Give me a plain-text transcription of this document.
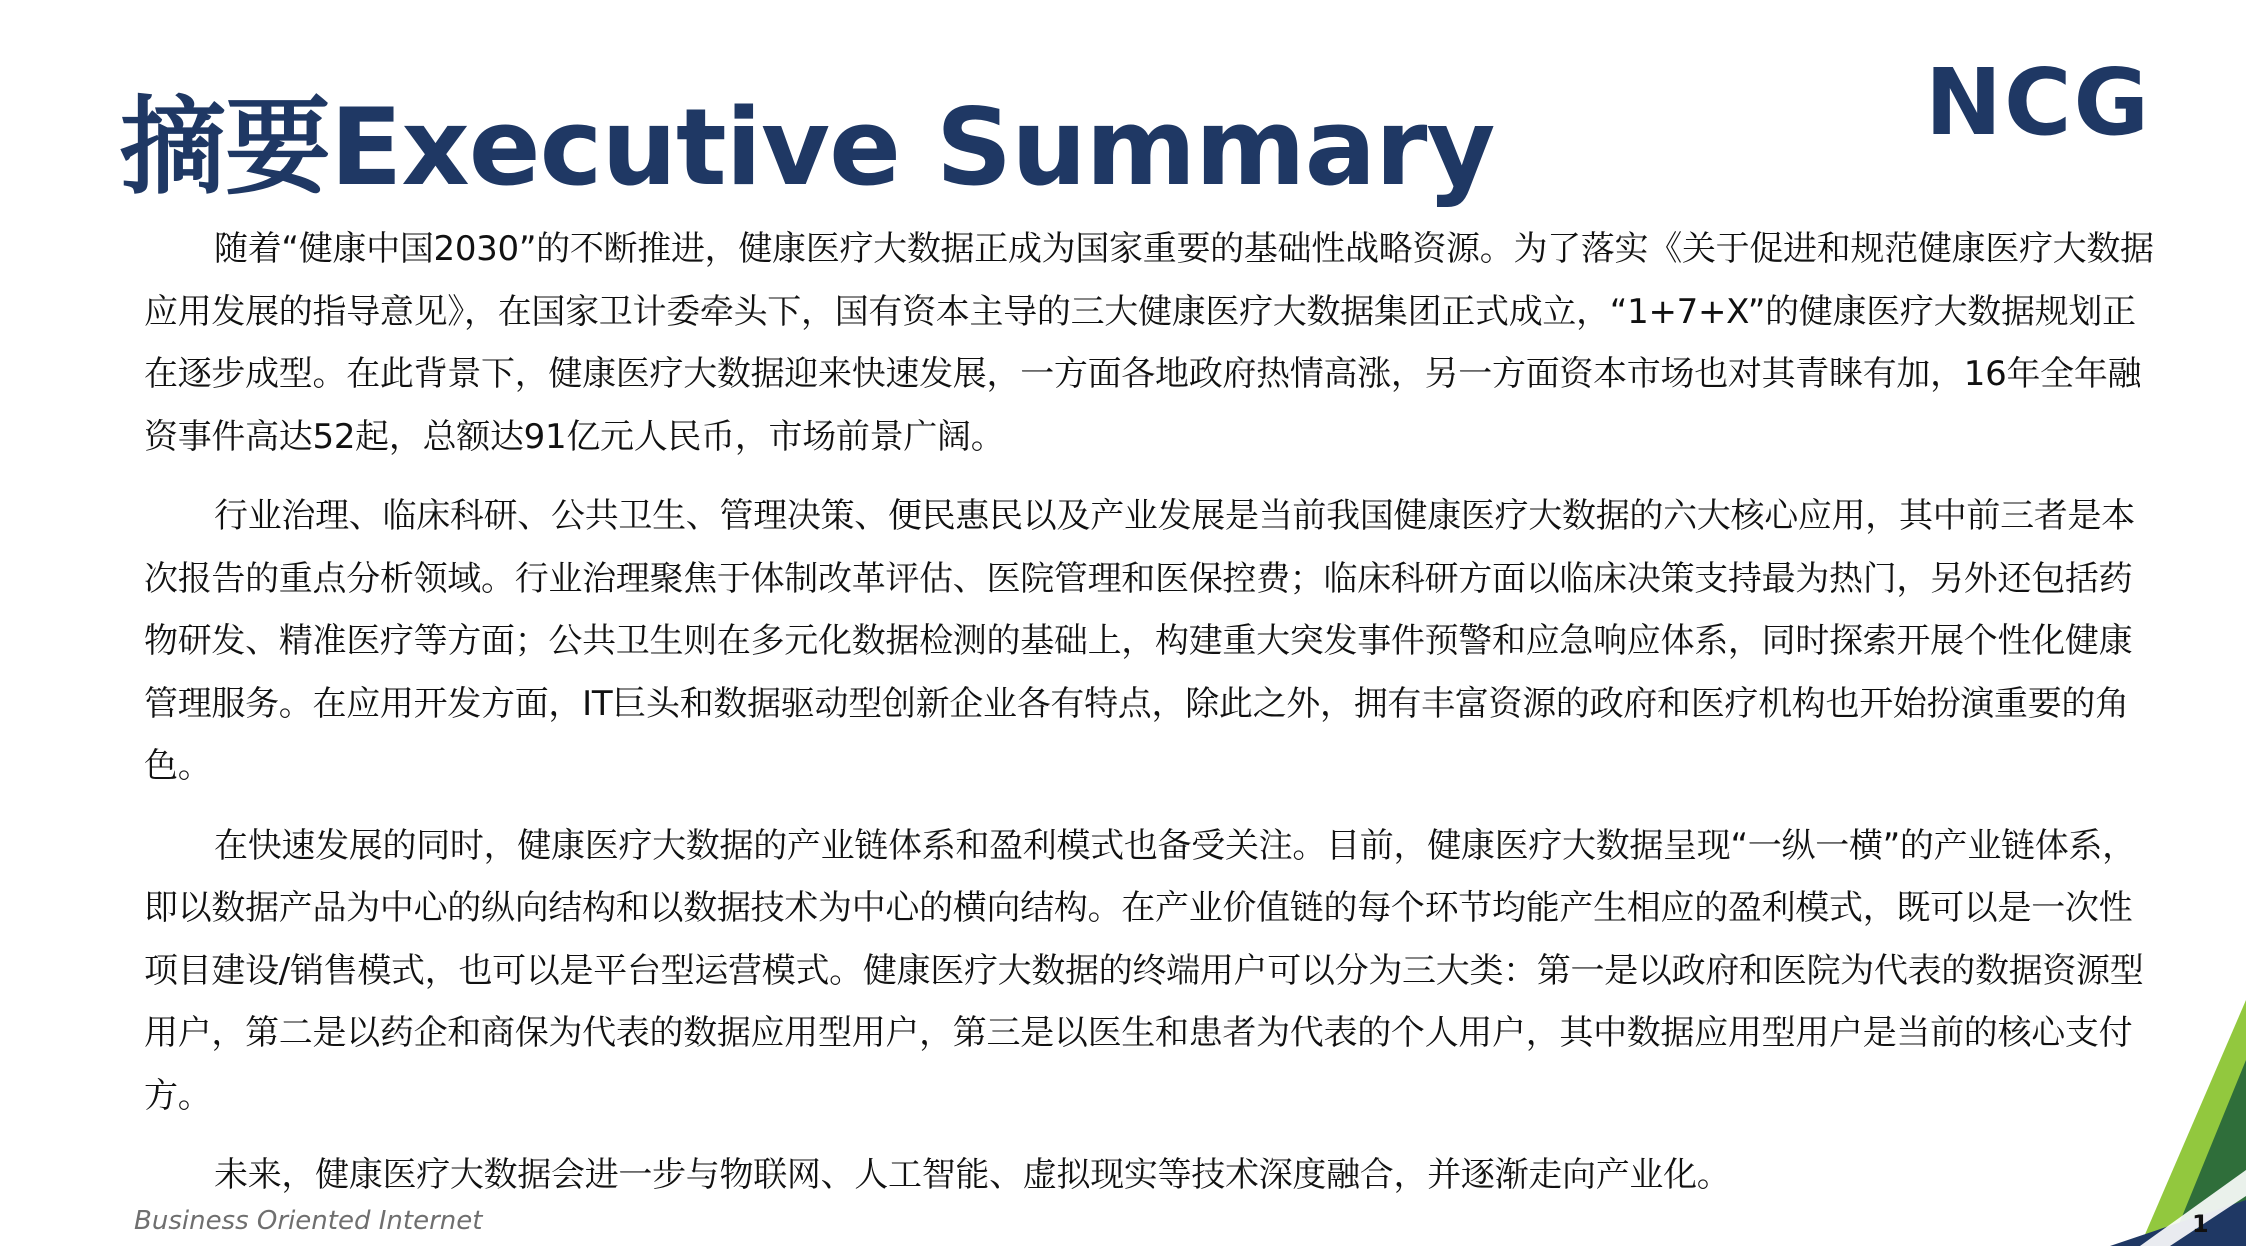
摘要Executive Summary	NCG

随着“健康中国2030”的不断推进，健康医疗大数据正成为国家重要的基础性战略资源。为了落实《关于促进和规范健康医疗大数据应用发展的指导意见》，在国家卫计委牵头下，国有资本主导的三大健康医疗大数据集团正式成立，“1+7+X”的健康医疗大数据规划正在逐步成型。在此背景下，健康医疗大数据迎来快速发展，一方面各地政府热情高涨，另一方面资本市场也对其青睐有加，16年全年融资事件高达52起，总额达91亿元人民币，市场前景广阔。

行业治理、临床科研、公共卫生、管理决策、便民惠民以及产业发展是当前我国健康医疗大数据的六大核心应用，其中前三者是本次报告的重点分析领域。行业治理聚焦于体制改革评估、医院管理和医保控费；临床科研方面以临床决策支持最为热门，另外还包括药物研发、精准医疗等方面；公共卫生则在多元化数据检测的基础上，构建重大突发事件预警和应急响应体系，同时探索开展个性化健康管理服务。在应用开发方面，IT巨头和数据驱动型创新企业各有特点，除此之外，拥有丰富资源的政府和医疗机构也开始扮演重要的角色。

在快速发展的同时，健康医疗大数据的产业链体系和盈利模式也备受关注。目前，健康医疗大数据呈现“一纵一横”的产业链体系，即以数据产品为中心的纵向结构和以数据技术为中心的横向结构。在产业价值链的每个环节均能产生相应的盈利模式，既可以是一次性项目建设/销售模式，也可以是平台型运营模式。健康医疗大数据的终端用户可以分为三大类：第一是以政府和医院为代表的数据资源型用户，第二是以药企和商保为代表的数据应用型用户，第三是以医生和患者为代表的个人用户，其中数据应用型用户是当前的核心支付方。

未来，健康医疗大数据会进一步与物联网、人工智能、虚拟现实等技术深度融合，并逐渐走向产业化。

Business Oriented Internet	1
